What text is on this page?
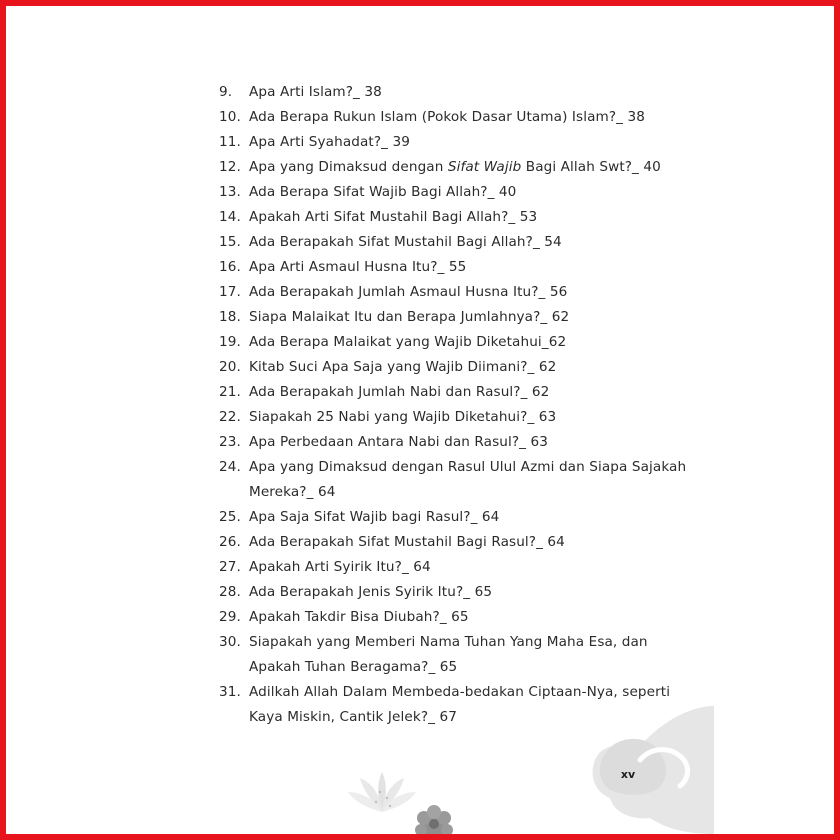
xv
9.	Apa Arti Islam?_ 38
10. Ada Berapa Rukun Islam (Pokok Dasar Utama) Islam?_ 38
11. Apa Arti Syahadat?_ 39
12. Apa yang Dimaksud dengan Sifat Wajib Bagi Allah Swt?_ 40
13. Ada Berapa Sifat Wajib Bagi Allah?_ 40
14. Apakah Arti Sifat Mustahil Bagi Allah?_ 53
15. Ada Berapakah Sifat Mustahil Bagi Allah?_ 54
16. Apa Arti Asmaul Husna Itu?_ 55
17. Ada Berapakah Jumlah Asmaul Husna Itu?_ 56
18. Siapa Malaikat Itu dan Berapa Jumlahnya?_ 62
19. Ada Berapa Malaikat yang Wajib Diketahui_62
20. Kitab Suci Apa Saja yang Wajib Diimani?_ 62
21. Ada Berapakah Jumlah Nabi dan Rasul?_ 62
22. Siapakah 25 Nabi yang Wajib Diketahui?_ 63
23. Apa Perbedaan Antara Nabi dan Rasul?_ 63
24. Apa yang Dimaksud dengan Rasul Ulul Azmi dan Siapa Sajakah
Mereka?_ 64
25. Apa Saja Sifat Wajib bagi Rasul?_ 64
26. Ada Berapakah Sifat Mustahil Bagi Rasul?_ 64
27. Apakah Arti Syirik Itu?_ 64
28. Ada Berapakah Jenis Syirik Itu?_ 65
29. Apakah Takdir Bisa Diubah?_ 65
30. Siapakah yang Memberi Nama Tuhan Yang Maha Esa, dan
Apakah Tuhan Beragama?_ 65
31. Adilkah Allah Dalam Membeda-bedakan Ciptaan-Nya, seperti
Kaya Miskin, Cantik Jelek?_ 67
